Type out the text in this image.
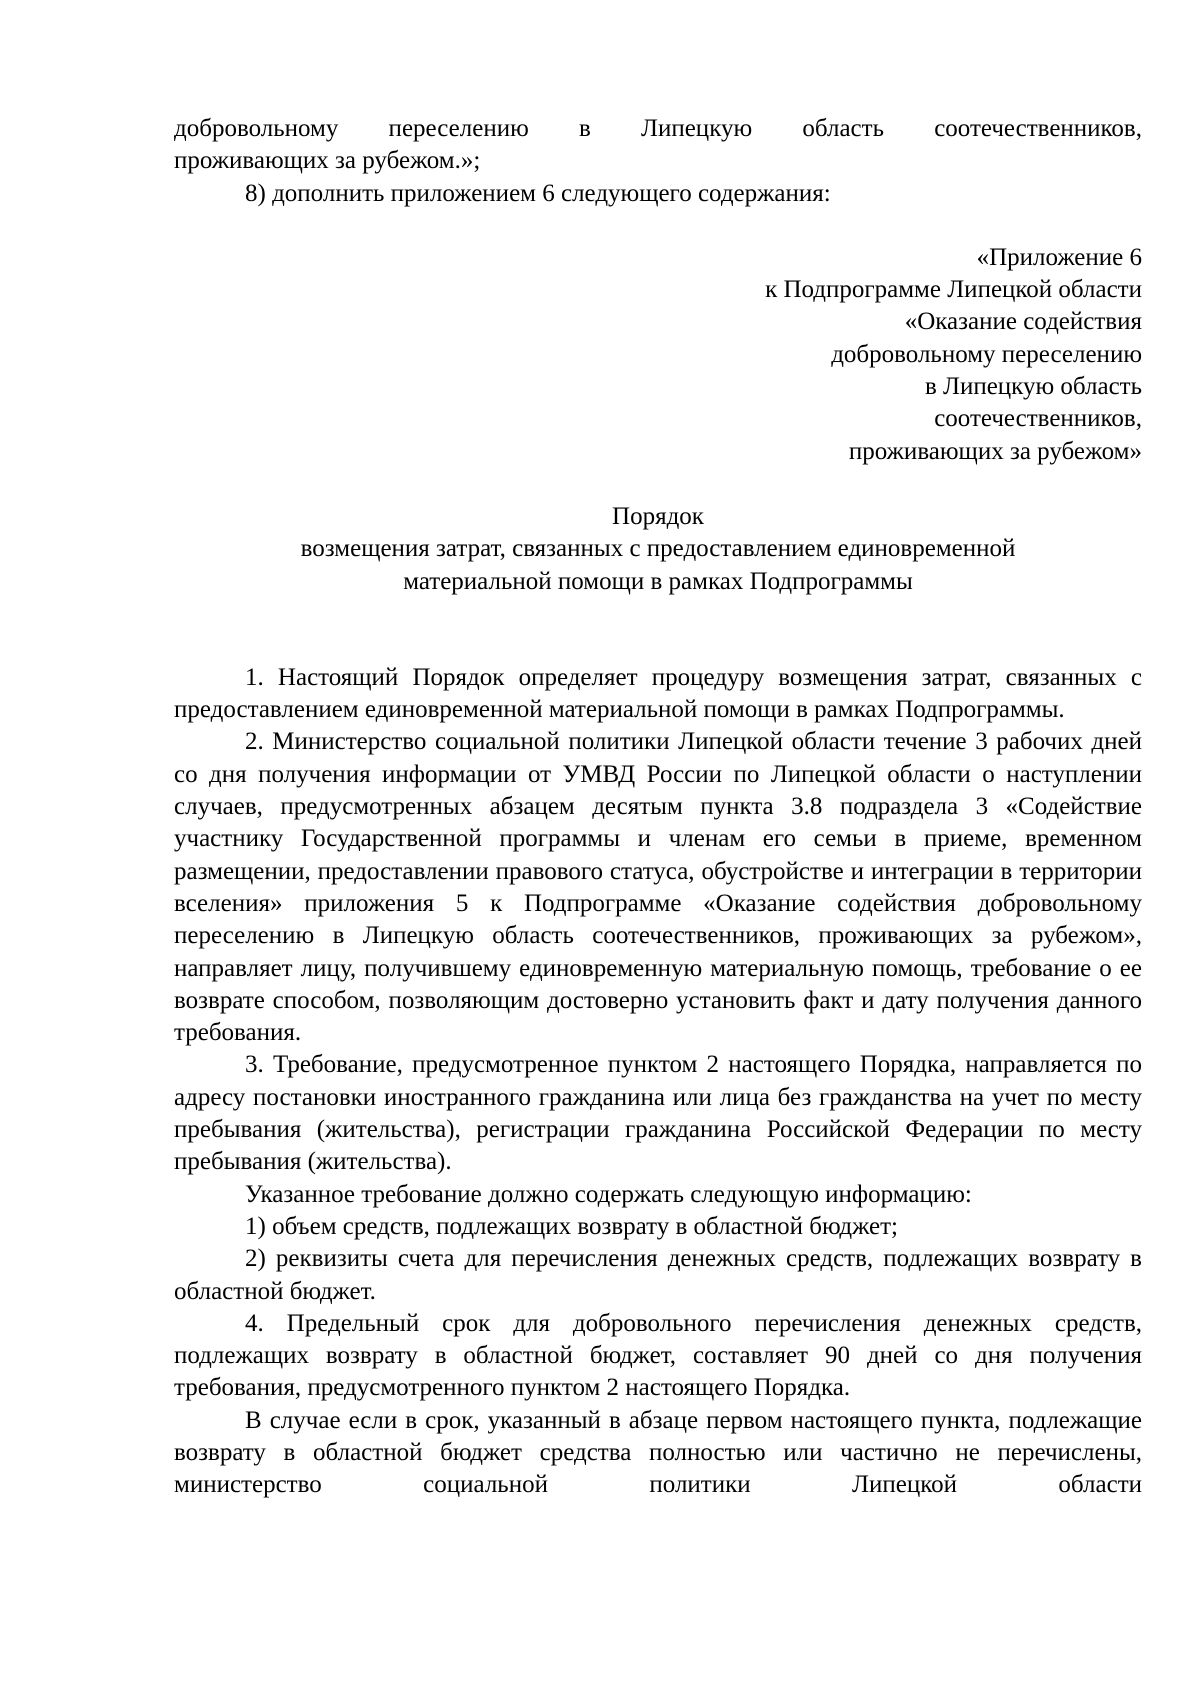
добровольному переселению в Липецкую область соотечественников,

проживающих за рубежом.»;

8) дополнить приложением 6 следующего содержания:

«Приложение 6

к Подпрограмме Липецкой области

«Оказание содействия

добровольному переселению

в Липецкую область

соотечественников,

проживающих за рубежом»

Порядок

возмещения затрат, связанных с предоставлением единовременной

материальной помощи в рамках Подпрограммы

1. Настоящий Порядок определяет процедуру возмещения затрат, связанных с предоставлением единовременной материальной помощи в рамках Подпрограммы.

2. Министерство социальной политики Липецкой области течение 3 рабочих дней со дня получения информации от УМВД России по Липецкой области о наступлении случаев, предусмотренных абзацем десятым пункта 3.8 подраздела 3 «Содействие участнику Государственной программы и членам его семьи в приеме, временном размещении, предоставлении правового статуса, обустройстве и интеграции в территории вселения» приложения 5 к Подпрограмме «Оказание содействия добровольному переселению в Липецкую область соотечественников, проживающих за рубежом», направляет лицу, получившему единовременную материальную помощь, требование о ее возврате способом, позволяющим достоверно установить факт и дату получения данного требования.

3. Требование, предусмотренное пунктом 2 настоящего Порядка, направляется по адресу постановки иностранного гражданина или лица без гражданства на учет по месту пребывания (жительства), регистрации гражданина Российской Федерации по месту пребывания (жительства).

Указанное требование должно содержать следующую информацию:

1) объем средств, подлежащих возврату в областной бюджет;

2) реквизиты счета для перечисления денежных средств, подлежащих возврату в областной бюджет.

4. Предельный срок для добровольного перечисления денежных средств, подлежащих возврату в областной бюджет, составляет 90 дней со дня получения требования, предусмотренного пунктом 2 настоящего Порядка.

В случае если в срок, указанный в абзаце первом настоящего пункта, подлежащие возврату в областной бюджет средства полностью или частично не перечислены, министерство социальной политики Липецкой области
